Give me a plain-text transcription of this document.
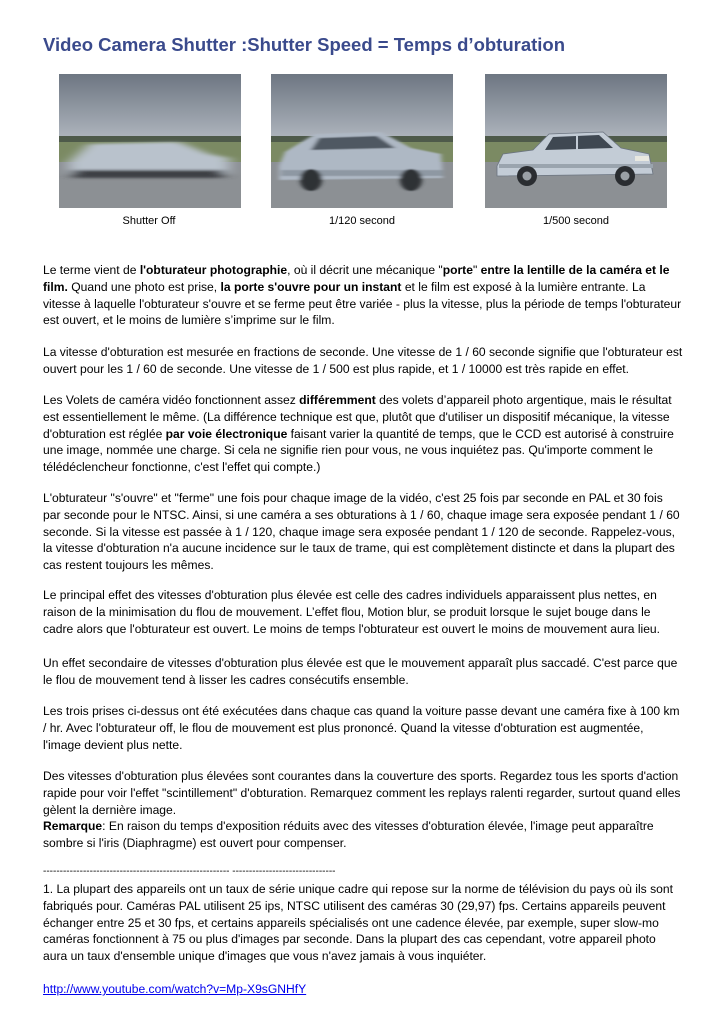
Video Camera Shutter :Shutter Speed = Temps d’obturation
Shutter Off	1/120 second	1/500 second

Le terme vient de l'obturateur photographie, où il décrit une mécanique "porte" entre la lentille de la caméra et le film. Quand une photo est prise, la porte s'ouvre pour un instant et le film est exposé à la lumière entrante. La vitesse à laquelle l'obturateur s'ouvre et se ferme peut être variée - plus la vitesse, plus la période de temps l'obturateur est ouvert, et le moins de lumière s’imprime sur le film.

La vitesse d'obturation est mesurée en fractions de seconde. Une vitesse de 1 / 60 seconde signifie que l'obturateur est ouvert pour les 1 / 60 de seconde. Une vitesse de 1 / 500 est plus rapide, et 1 / 10000 est très rapide en effet.

Les Volets de caméra vidéo fonctionnent assez différemment des volets d’appareil photo argentique, mais le résultat est essentiellement le même. (La différence technique est que, plutôt que d'utiliser un dispositif mécanique, la vitesse d'obturation est réglée par voie électronique faisant varier la quantité de temps, que le CCD est autorisé à construire une image, nommée une charge. Si cela ne signifie rien pour vous, ne vous inquiétez pas. Qu'importe comment le télédéclencheur fonctionne, c'est l'effet qui compte.)

L'obturateur "s'ouvre" et "ferme" une fois pour chaque image de la vidéo, c'est 25 fois par seconde en PAL et 30 fois par seconde pour le NTSC. Ainsi, si une caméra a ses obturations à 1 / 60, chaque image sera exposée pendant 1 / 60 seconde. Si la vitesse est passée à 1 / 120, chaque image sera exposée pendant 1 / 120 de seconde. Rappelez-vous, la vitesse d'obturation n'a aucune incidence sur le taux de trame, qui est complètement distincte et dans la plupart des cas restent toujours les mêmes.

Le principal effet des vitesses d'obturation plus élevée est celle des cadres individuels apparaissent plus nettes, en raison de la minimisation du flou de mouvement. L’effet flou, Motion blur, se produit lorsque le sujet bouge dans le cadre alors que l'obturateur est ouvert. Le moins de temps l'obturateur est ouvert le moins de mouvement aura lieu.

Un effet secondaire de vitesses d'obturation plus élevée est que le mouvement apparaît plus saccadé. C'est parce que le flou de mouvement tend à lisser les cadres consécutifs ensemble.

Les trois prises ci-dessus ont été exécutées dans chaque cas quand la voiture passe devant une caméra fixe à 100 km / hr. Avec l'obturateur off, le flou de mouvement est plus prononcé. Quand la vitesse d'obturation est augmentée, l'image devient plus nette.

Des vitesses d'obturation plus élevées sont courantes dans la couverture des sports. Regardez tous les sports d'action rapide pour voir l'effet "scintillement" d'obturation. Remarquez comment les replays ralenti regarder, surtout quand elles gèlent la dernière image.

Remarque: En raison du temps d'exposition réduits avec des vitesses d'obturation élevée, l'image peut apparaître sombre si l'iris (Diaphragme) est ouvert pour compenser.

-------------------------------------------------------- -------------------------------

1. La plupart des appareils ont un taux de série unique cadre qui repose sur la norme de télévision du pays où ils sont fabriqués pour. Caméras PAL utilisent 25 ips, NTSC utilisent des caméras 30 (29,97) fps. Certains appareils peuvent échanger entre 25 et 30 fps, et certains appareils spécialisés ont une cadence élevée, par exemple, super slow-mo caméras fonctionnent à 75 ou plus d'images par seconde. Dans la plupart des cas cependant, votre appareil photo aura un taux d'ensemble unique d'images que vous n'avez jamais à vous inquiéter.

http://www.youtube.com/watch?v=Mp-X9sGNHfY
